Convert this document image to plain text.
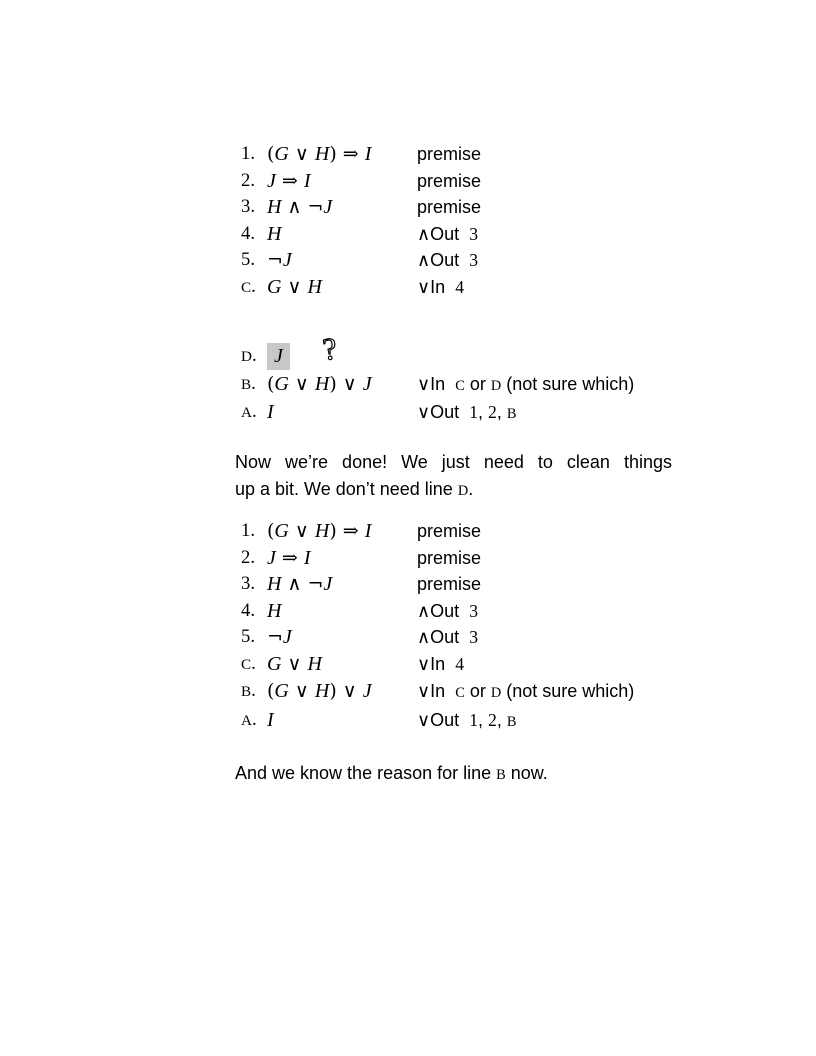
1. (G ∨ H) ⇒ I	premise
2. J ⇒ I	premise
3. H ∧ ¬J	premise
4. H	∧Out  3
5. ¬J	∧Out  3
C. G ∨ H	∨In  4

?

D. J
B. (G ∨ H) ∨ J	∨In  C or D (not sure which)
A. I	∨Out  1, 2, B
Now we’re done! We just need to clean things
up a bit. We don’t need line D.
1. (G ∨ H) ⇒ I	premise
2. J ⇒ I	premise
3. H ∧ ¬J	premise
4. H	∧Out  3
5. ¬J	∧Out  3
C. G ∨ H	∨In  4
B. (G ∨ H) ∨ J	∨In  C or D (not sure which)
A. I	∨Out  1, 2, B
And we know the reason for line B now.
